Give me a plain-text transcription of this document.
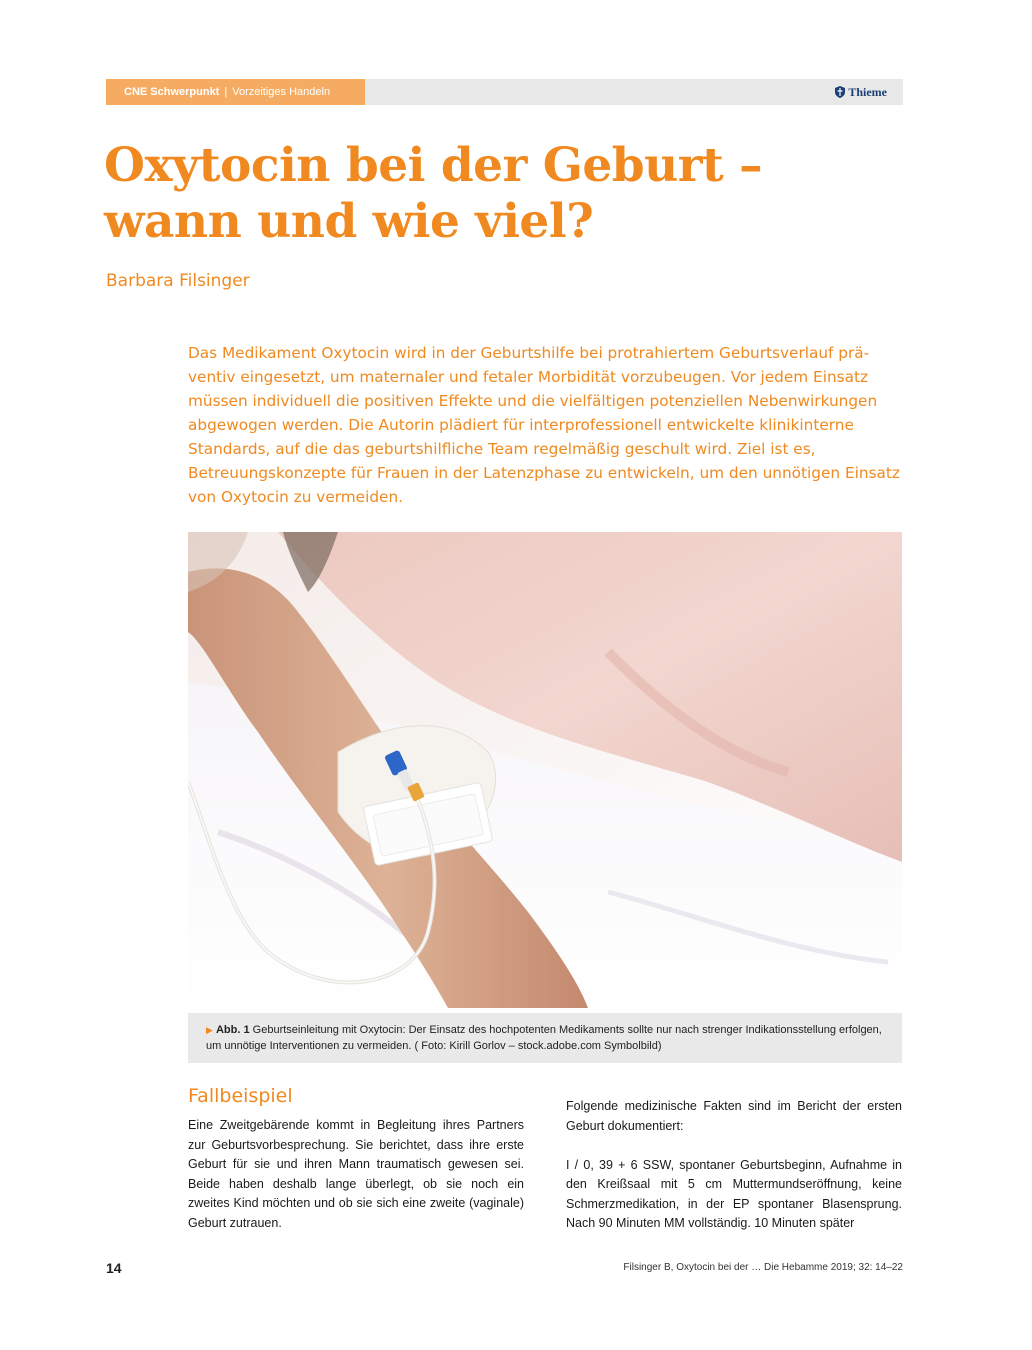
CNE Schwerpunkt | Vorzeitiges Handeln	Thieme
Oxytocin bei der Geburt –
wann und wie viel?
Barbara Filsinger

Das Medikament Oxytocin wird in der Geburtshilfe bei protrahiertem Geburtsverlauf präventiv eingesetzt, um maternaler und fetaler Morbidität vorzubeugen. Vor jedem Einsatz müssen individuell die positiven Effekte und die vielfältigen potenziellen Nebenwirkungen abgewogen werden. Die Autorin plädiert für interprofessionell entwickelte klinikinterne Standards, auf die das geburtshilfliche Team regelmäßig geschult wird. Ziel ist es, Betreuungskonzepte für Frauen in der Latenzphase zu entwickeln, um den unnötigen Einsatz von Oxytocin zu vermeiden.

▶ Abb. 1 Geburtseinleitung mit Oxytocin: Der Einsatz des hochpotenten Medikaments sollte nur nach strenger Indikationsstellung erfolgen, um unnötige Interventionen zu vermeiden. ( Foto: Kirill Gorlov – stock.adobe.com Symbolbild)
Fallbeispiel

Eine Zweitgebärende kommt in Begleitung ihres Partners zur Geburtsvorbesprechung. Sie berichtet, dass ihre erste Geburt für sie und ihren Mann traumatisch gewesen sei. Beide haben deshalb lange überlegt, ob sie noch ein zweites Kind möchten und ob sie sich eine zweite (vaginale) Geburt zutrauen.

Folgende medizinische Fakten sind im Bericht der ersten Geburt dokumentiert:

I / 0, 39 + 6 SSW, spontaner Geburtsbeginn, Aufnahme in den Kreißsaal mit 5 cm Muttermundseröffnung, keine Schmerzmedikation, in der EP spontaner Blasensprung. Nach 90 Minuten MM vollständig. 10 Minuten später

14	Filsinger B, Oxytocin bei der … Die Hebamme 2019; 32: 14–22
